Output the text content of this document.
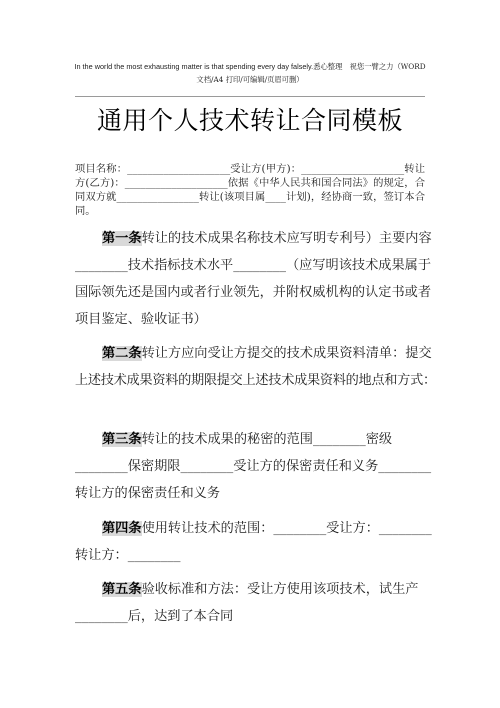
In the world the most exhausting matter is that spending every day falsely.悉心整理　祝您一臂之力（WORD
文档/A4 打印/可编辑/页眉可删）
通用个人技术转让合同模板
项目名称：____________________受让方(甲方)：____________________转让方(乙方)：____________________依据《中华人民共和国合同法》的规定，合同双方就________________转让(该项目属____计划)，经协商一致，签订本合同。
第一条转让的技术成果名称技术应写明专利号）主要内容
________技术指标技术水平________（应写明该技术成果属于
国际领先还是国内或者行业领先，并附权威机构的认定书或者
项目鉴定、验收证书）
第二条转让方应向受让方提交的技术成果资料清单：提交
上述技术成果资料的期限提交上述技术成果资料的地点和方式：
第三条转让的技术成果的秘密的范围________密级
________保密期限________受让方的保密责任和义务________
转让方的保密责任和义务
第四条使用转让技术的范围：________受让方：________
转让方：________
第五条验收标准和方法：受让方使用该项技术，试生产
________后，达到了本合同
